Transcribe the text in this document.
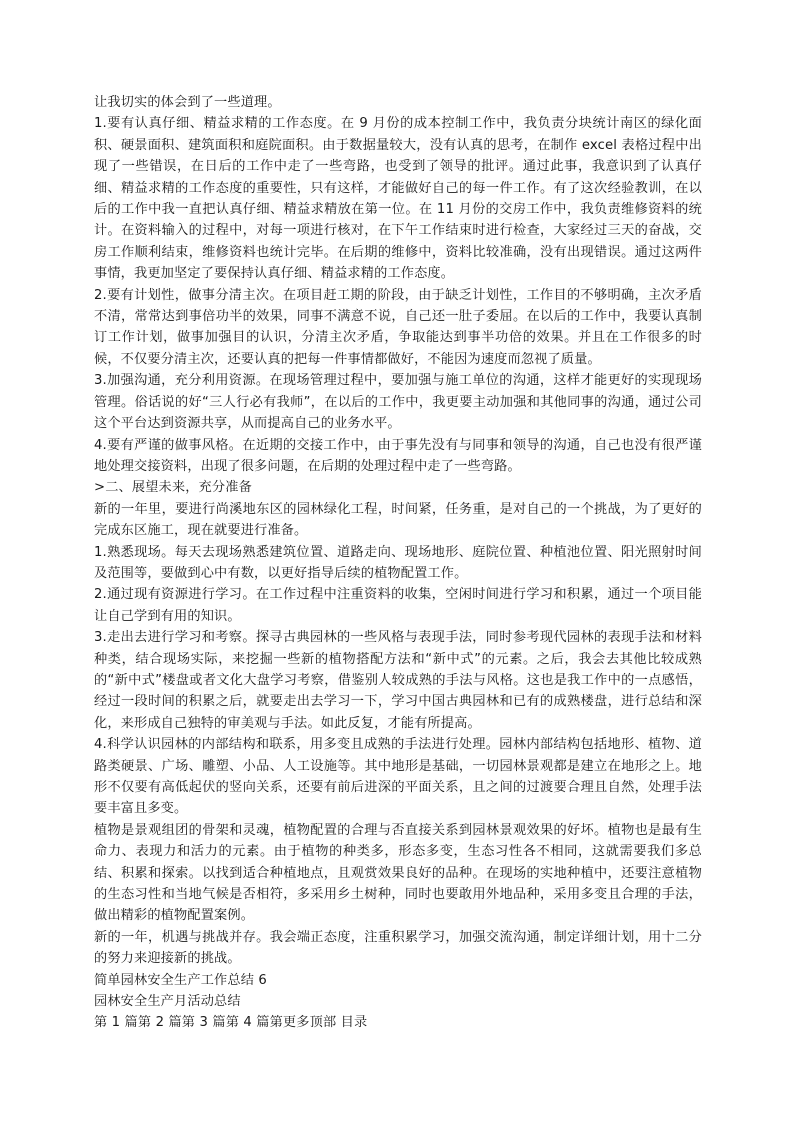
让我切实的体会到了一些道理。

1.要有认真仔细、精益求精的工作态度。在 9 月份的成本控制工作中，我负责分块统计南区的绿化面积、硬景面积、建筑面积和庭院面积。由于数据量较大，没有认真的思考，在制作 excel 表格过程中出现了一些错误，在日后的工作中走了一些弯路，也受到了领导的批评。通过此事，我意识到了认真仔细、精益求精的工作态度的重要性，只有这样，才能做好自己的每一件工作。有了这次经验教训，在以后的工作中我一直把认真仔细、精益求精放在第一位。在 11 月份的交房工作中，我负责维修资料的统计。在资料输入的过程中，对每一项进行核对，在下午工作结束时进行检查，大家经过三天的奋战，交房工作顺利结束，维修资料也统计完毕。在后期的维修中，资料比较准确，没有出现错误。通过这两件事情，我更加坚定了要保持认真仔细、精益求精的工作态度。

2.要有计划性，做事分清主次。在项目赶工期的阶段，由于缺乏计划性，工作目的不够明确，主次矛盾不清，常常达到事倍功半的效果，同事不满意不说，自己还一肚子委屈。在以后的工作中，我要认真制订工作计划，做事加强目的认识，分清主次矛盾，争取能达到事半功倍的效果。并且在工作很多的时候，不仅要分清主次，还要认真的把每一件事情都做好，不能因为速度而忽视了质量。

3.加强沟通，充分利用资源。在现场管理过程中，要加强与施工单位的沟通，这样才能更好的实现现场管理。俗话说的好“三人行必有我师”，在以后的工作中，我更要主动加强和其他同事的沟通，通过公司这个平台达到资源共享，从而提高自己的业务水平。

4.要有严谨的做事风格。在近期的交接工作中，由于事先没有与同事和领导的沟通，自己也没有很严谨地处理交接资料，出现了很多问题，在后期的处理过程中走了一些弯路。

>二、展望未来，充分准备

新的一年里，要进行尚溪地东区的园林绿化工程，时间紧，任务重，是对自己的一个挑战，为了更好的完成东区施工，现在就要进行准备。

1.熟悉现场。每天去现场熟悉建筑位置、道路走向、现场地形、庭院位置、种植池位置、阳光照射时间及范围等，要做到心中有数，以更好指导后续的植物配置工作。

2.通过现有资源进行学习。在工作过程中注重资料的收集，空闲时间进行学习和积累，通过一个项目能让自己学到有用的知识。

3.走出去进行学习和考察。探寻古典园林的一些风格与表现手法，同时参考现代园林的表现手法和材料种类，结合现场实际，来挖掘一些新的植物搭配方法和“新中式”的元素。之后，我会去其他比较成熟的“新中式”楼盘或者文化大盘学习考察，借鉴别人较成熟的手法与风格。这也是我工作中的一点感悟，经过一段时间的积累之后，就要走出去学习一下，学习中国古典园林和已有的成熟楼盘，进行总结和深化，来形成自己独特的审美观与手法。如此反复，才能有所提高。

4.科学认识园林的内部结构和联系，用多变且成熟的手法进行处理。园林内部结构包括地形、植物、道路类硬景、广场、雕塑、小品、人工设施等。其中地形是基础，一切园林景观都是建立在地形之上。地形不仅要有高低起伏的竖向关系，还要有前后进深的平面关系，且之间的过渡要合理且自然，处理手法要丰富且多变。

植物是景观组团的骨架和灵魂，植物配置的合理与否直接关系到园林景观效果的好坏。植物也是最有生命力、表现力和活力的元素。由于植物的种类多，形态多变，生态习性各不相同，这就需要我们多总结、积累和探索。以找到适合种植地点，且观赏效果良好的品种。在现场的实地种植中，还要注意植物的生态习性和当地气候是否相符，多采用乡土树种，同时也要敢用外地品种，采用多变且合理的手法，做出精彩的植物配置案例。

新的一年，机遇与挑战并存。我会端正态度，注重积累学习，加强交流沟通，制定详细计划，用十二分的努力来迎接新的挑战。

简单园林安全生产工作总结 6

园林安全生产月活动总结

第 1 篇第 2 篇第 3 篇第 4 篇第更多顶部 目录
